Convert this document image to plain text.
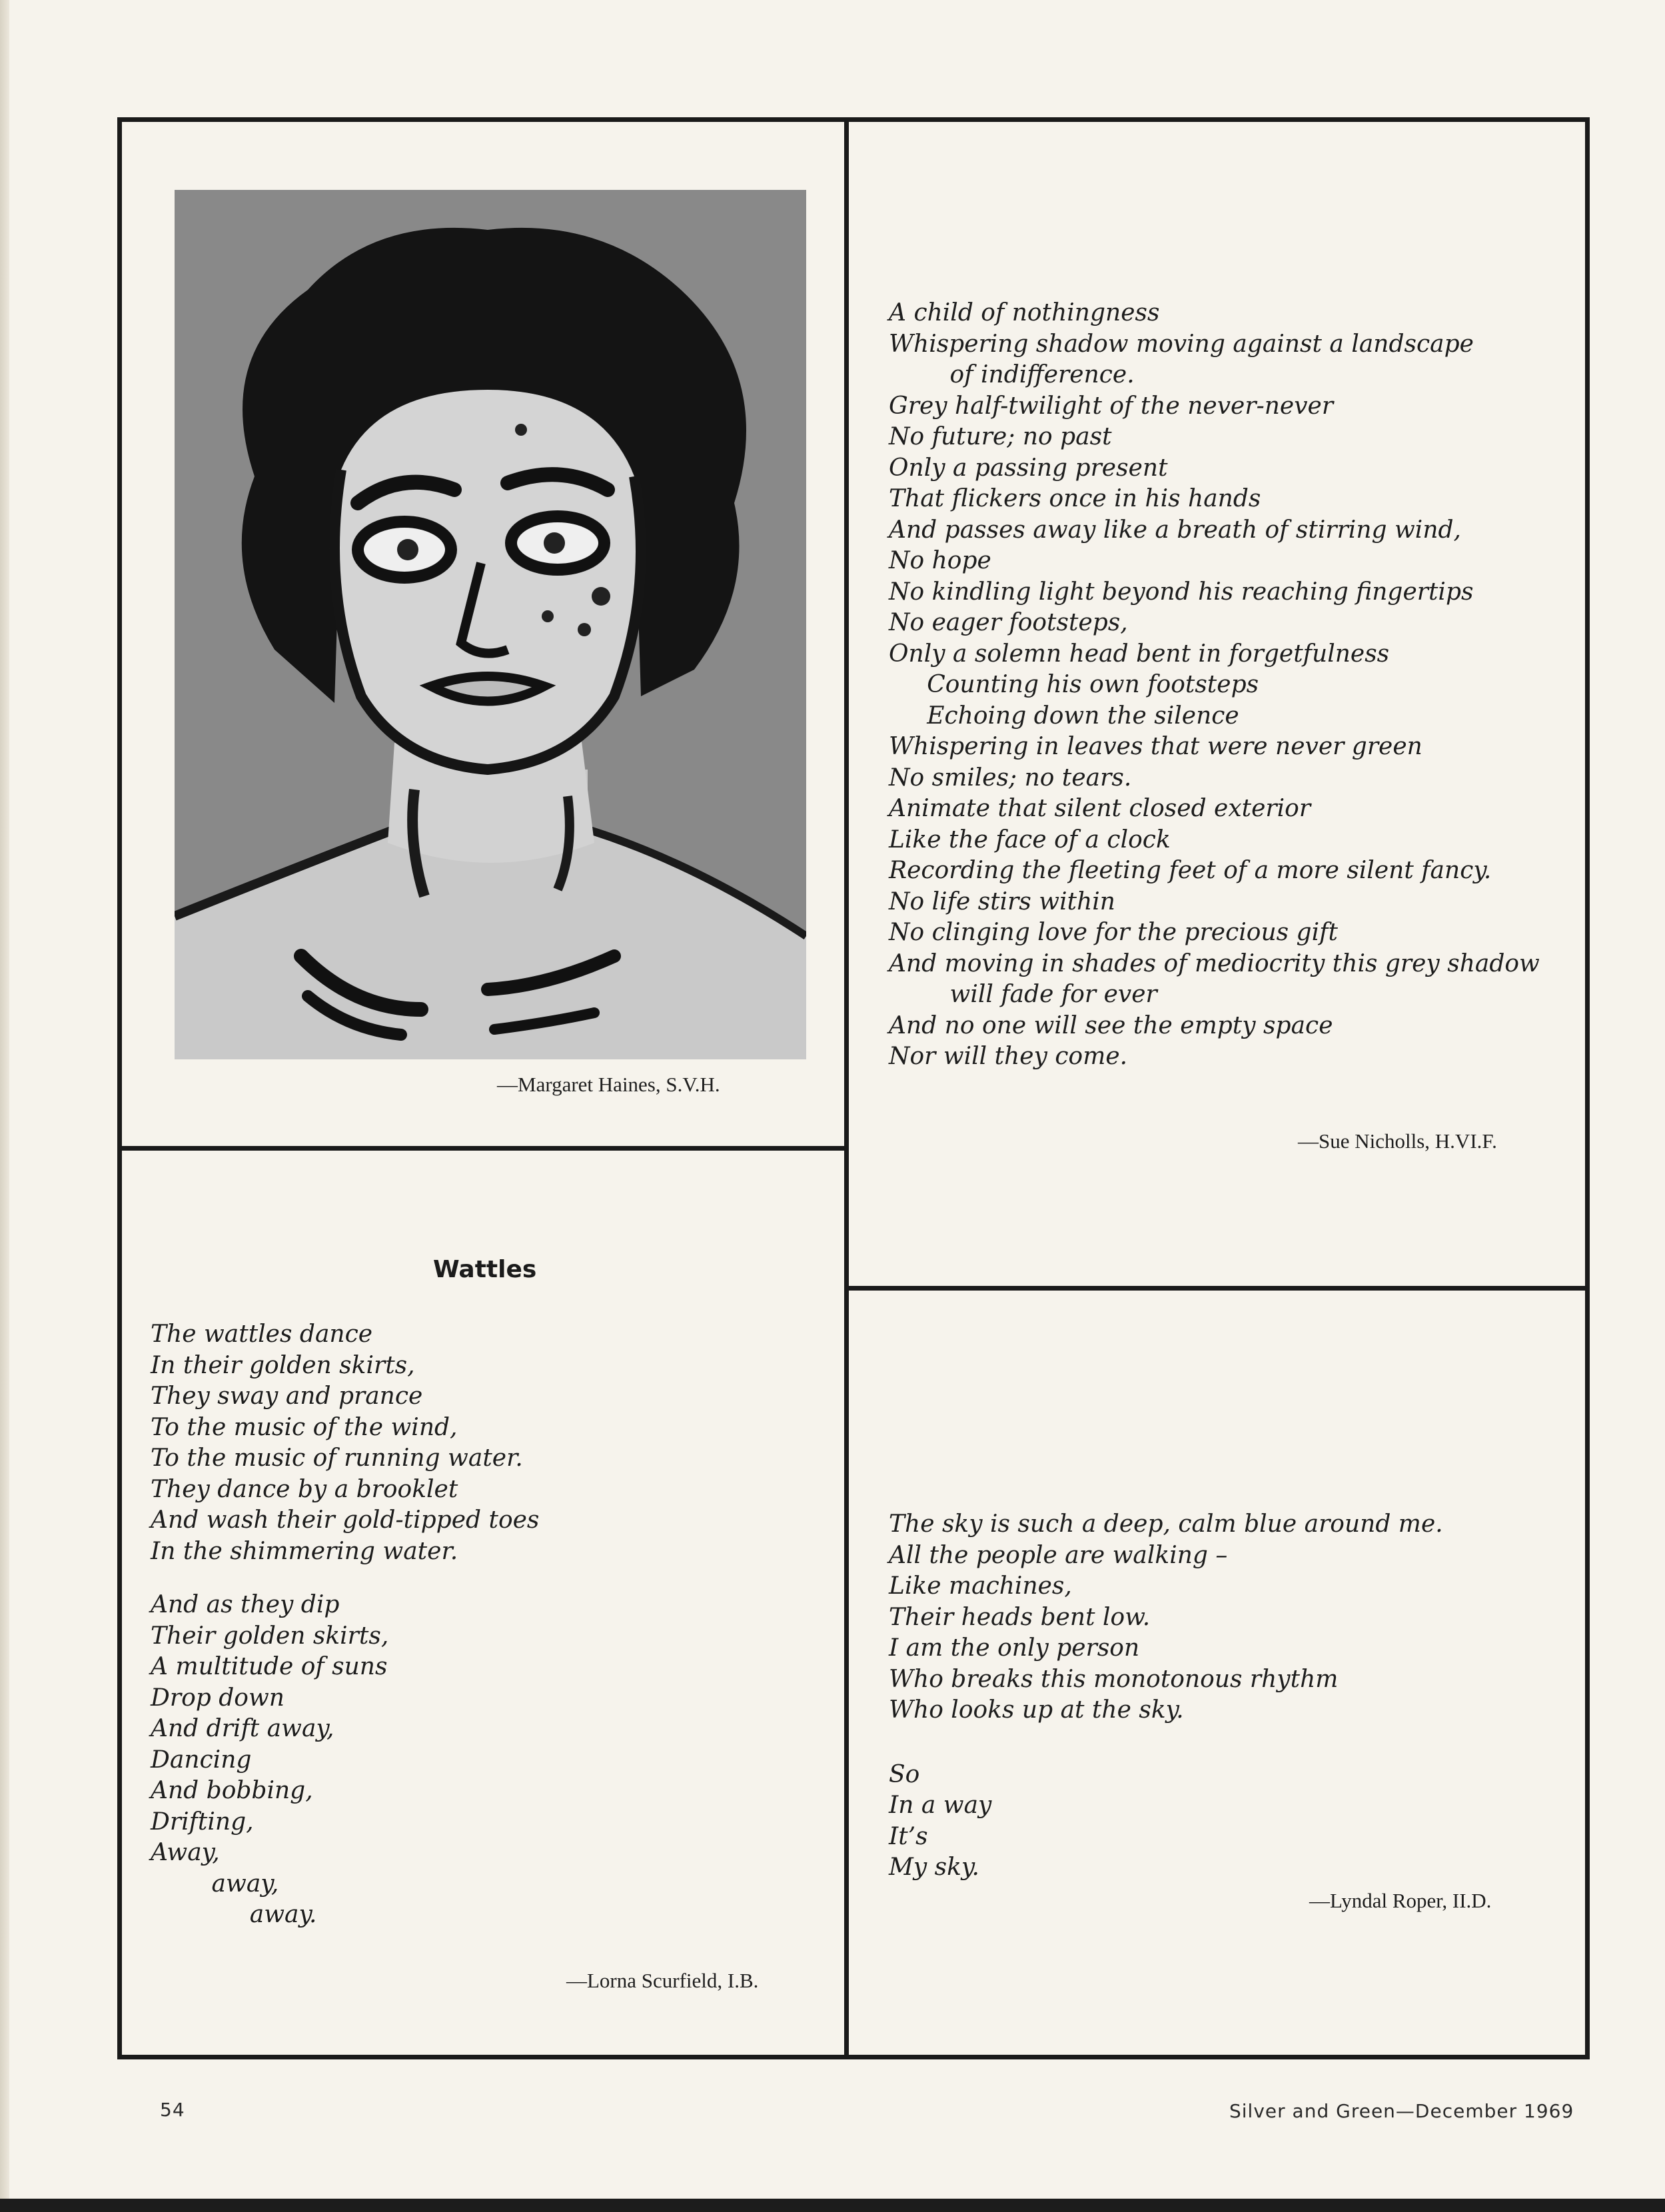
—Margaret Haines, S.V.H.
A child of nothingness
Whispering shadow moving against a landscape
of indifference.
Grey half-twilight of the never-never
No future; no past
Only a passing present
That flickers once in his hands
And passes away like a breath of stirring wind,
No hope
No kindling light beyond his reaching fingertips
No eager footsteps,
Only a solemn head bent in forgetfulness
Counting his own footsteps
Echoing down the silence
Whispering in leaves that were never green
No smiles; no tears.
Animate that silent closed exterior
Like the face of a clock
Recording the fleeting feet of a more silent fancy.
No life stirs within
No clinging love for the precious gift
And moving in shades of mediocrity this grey shadow
will fade for ever
And no one will see the empty space
Nor will they come.
—Sue Nicholls, H.VI.F.
Wattles
The wattles dance
In their golden skirts,
They sway and prance
To the music of the wind,
To the music of running water.
They dance by a brooklet
And wash their gold-tipped toes
In the shimmering water.
And as they dip
Their golden skirts,
A multitude of suns
Drop down
And drift away,
Dancing
And bobbing,
Drifting,
Away,
away,
away.
—Lorna Scurfield, I.B.
The sky is such a deep, calm blue around me.
All the people are walking –
Like machines,
Their heads bent low.
I am the only person
Who breaks this monotonous rhythm
Who looks up at the sky.
So
In a way
It’s
My sky.
—Lyndal Roper, II.D.
54	Silver and Green—December 1969
